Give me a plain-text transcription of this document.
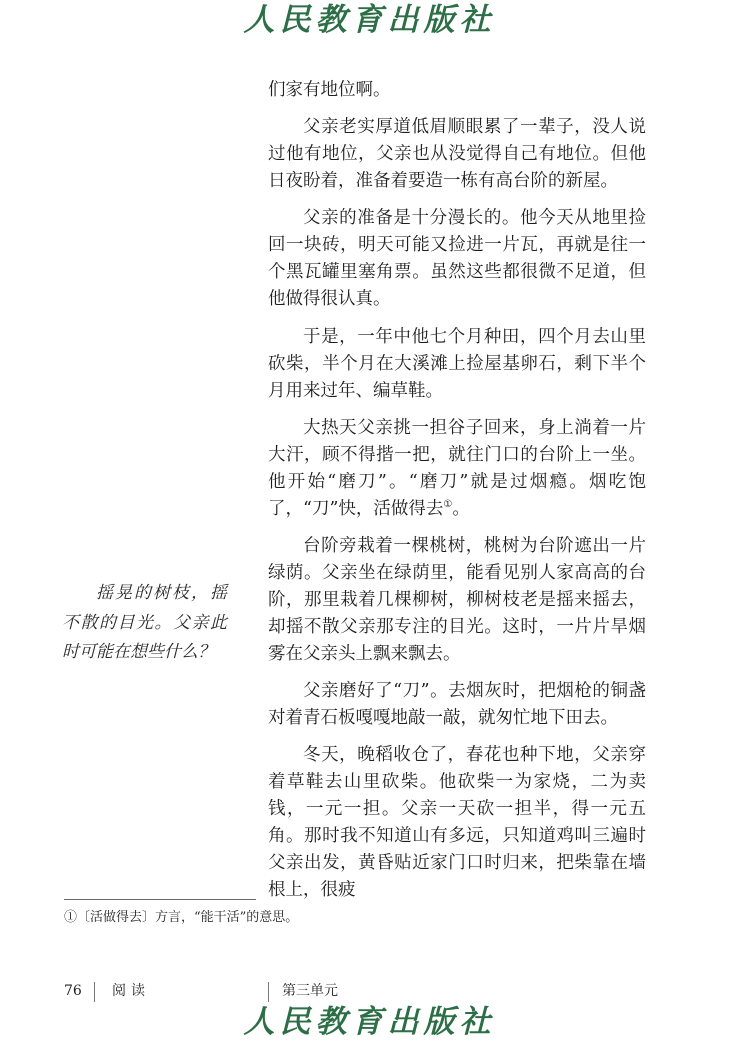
人民教育出版社

们家有地位啊。

父亲老实厚道低眉顺眼累了一辈子，没人说过他有地位，父亲也从没觉得自己有地位。但他日夜盼着，准备着要造一栋有高台阶的新屋。

父亲的准备是十分漫长的。他今天从地里捡回一块砖，明天可能又捡进一片瓦，再就是往一个黑瓦罐里塞角票。虽然这些都很微不足道，但他做得很认真。

于是，一年中他七个月种田，四个月去山里砍柴，半个月在大溪滩上捡屋基卵石，剩下半个月用来过年、编草鞋。

大热天父亲挑一担谷子回来，身上淌着一片大汗，顾不得揩一把，就往门口的台阶上一坐。他开始“磨刀”。“磨刀”就是过烟瘾。烟吃饱了，“刀”快，活做得去①。

台阶旁栽着一棵桃树，桃树为台阶遮出一片绿荫。父亲坐在绿荫里，能看见别人家高高的台阶，那里栽着几棵柳树，柳树枝老是摇来摇去，却摇不散父亲那专注的目光。这时，一片片旱烟雾在父亲头上飘来飘去。

父亲磨好了“刀”。去烟灰时，把烟枪的铜盏对着青石板嘎嘎地敲一敲，就匆忙地下田去。

冬天，晚稻收仓了，春花也种下地，父亲穿着草鞋去山里砍柴。他砍柴一为家烧，二为卖钱，一元一担。父亲一天砍一担半，得一元五角。那时我不知道山有多远，只知道鸡叫三遍时父亲出发，黄昏贴近家门口时归来，把柴靠在墙根上，很疲

摇晃的树枝，摇不散的目光。父亲此时可能在想些什么？
①〔活做得去〕方言，“能干活”的意思。
76 阅读	第三单元
人民教育出版社
